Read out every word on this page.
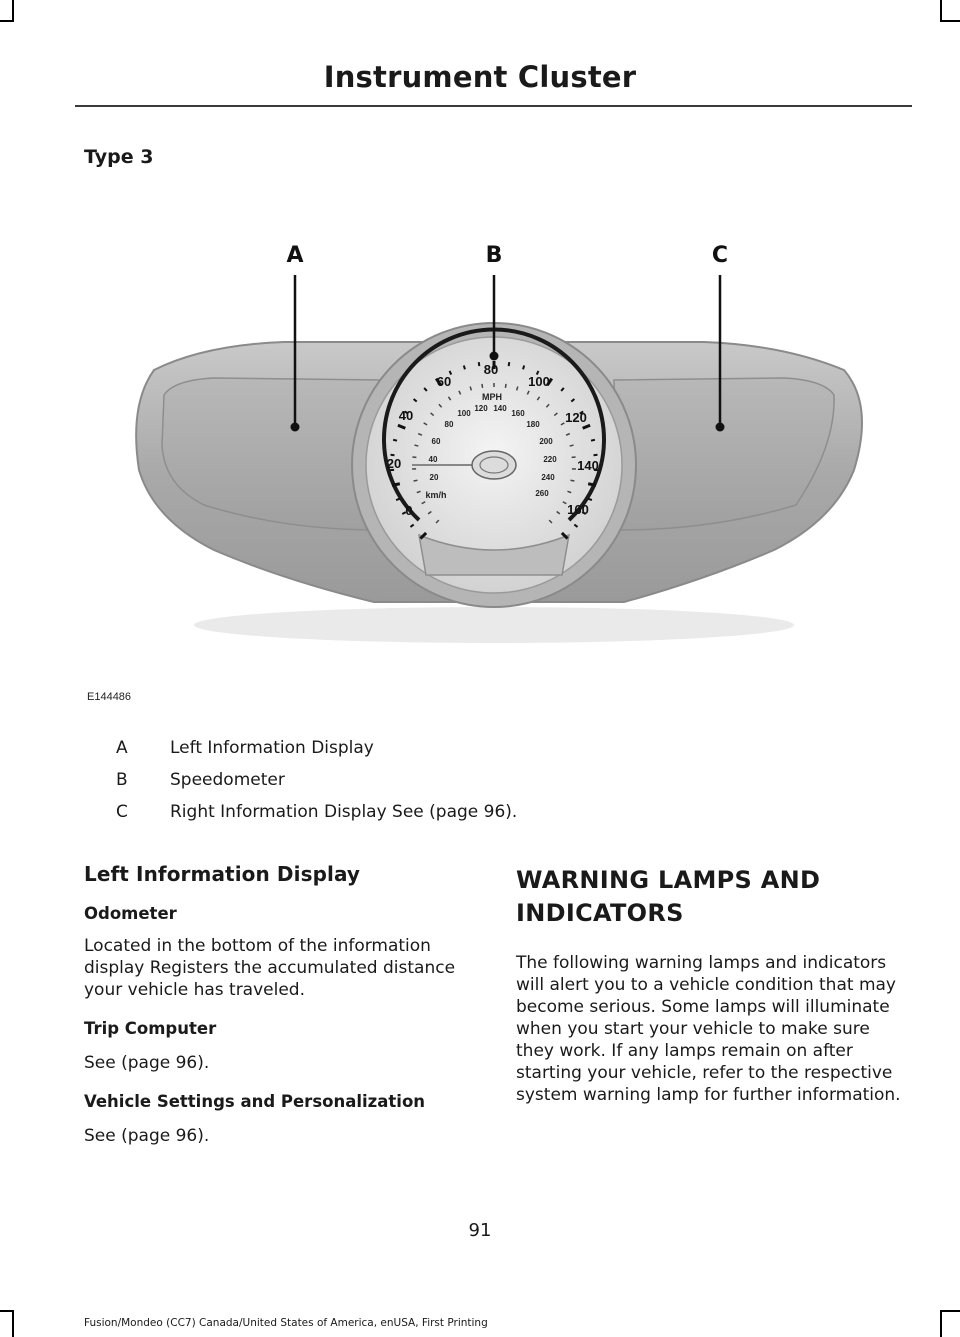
Instrument Cluster
Type 3
0
20
40
60
80
100
120
140
160
MPH
km/h
20
40
60
80
100
120 140
160
180
200
220
240
260
A	B	C
E144486
A Left Information Display
B Speedometer
C Right Information Display See (page 96).
Left Information Display
Odometer

Located in the bottom of the information display Registers the accumulated distance your vehicle has traveled.

Trip Computer

See (page 96).

Vehicle Settings and Personalization

See (page 96).

WARNING LAMPS AND
INDICATORS

The following warning lamps and indicators will alert you to a vehicle condition that may become serious. Some lamps will illuminate when you start your vehicle to make sure they work. If any lamps remain on after starting your vehicle, refer to the respective system warning lamp for further information.

91
Fusion/Mondeo (CC7) Canada/United States of America, enUSA, First Printing
